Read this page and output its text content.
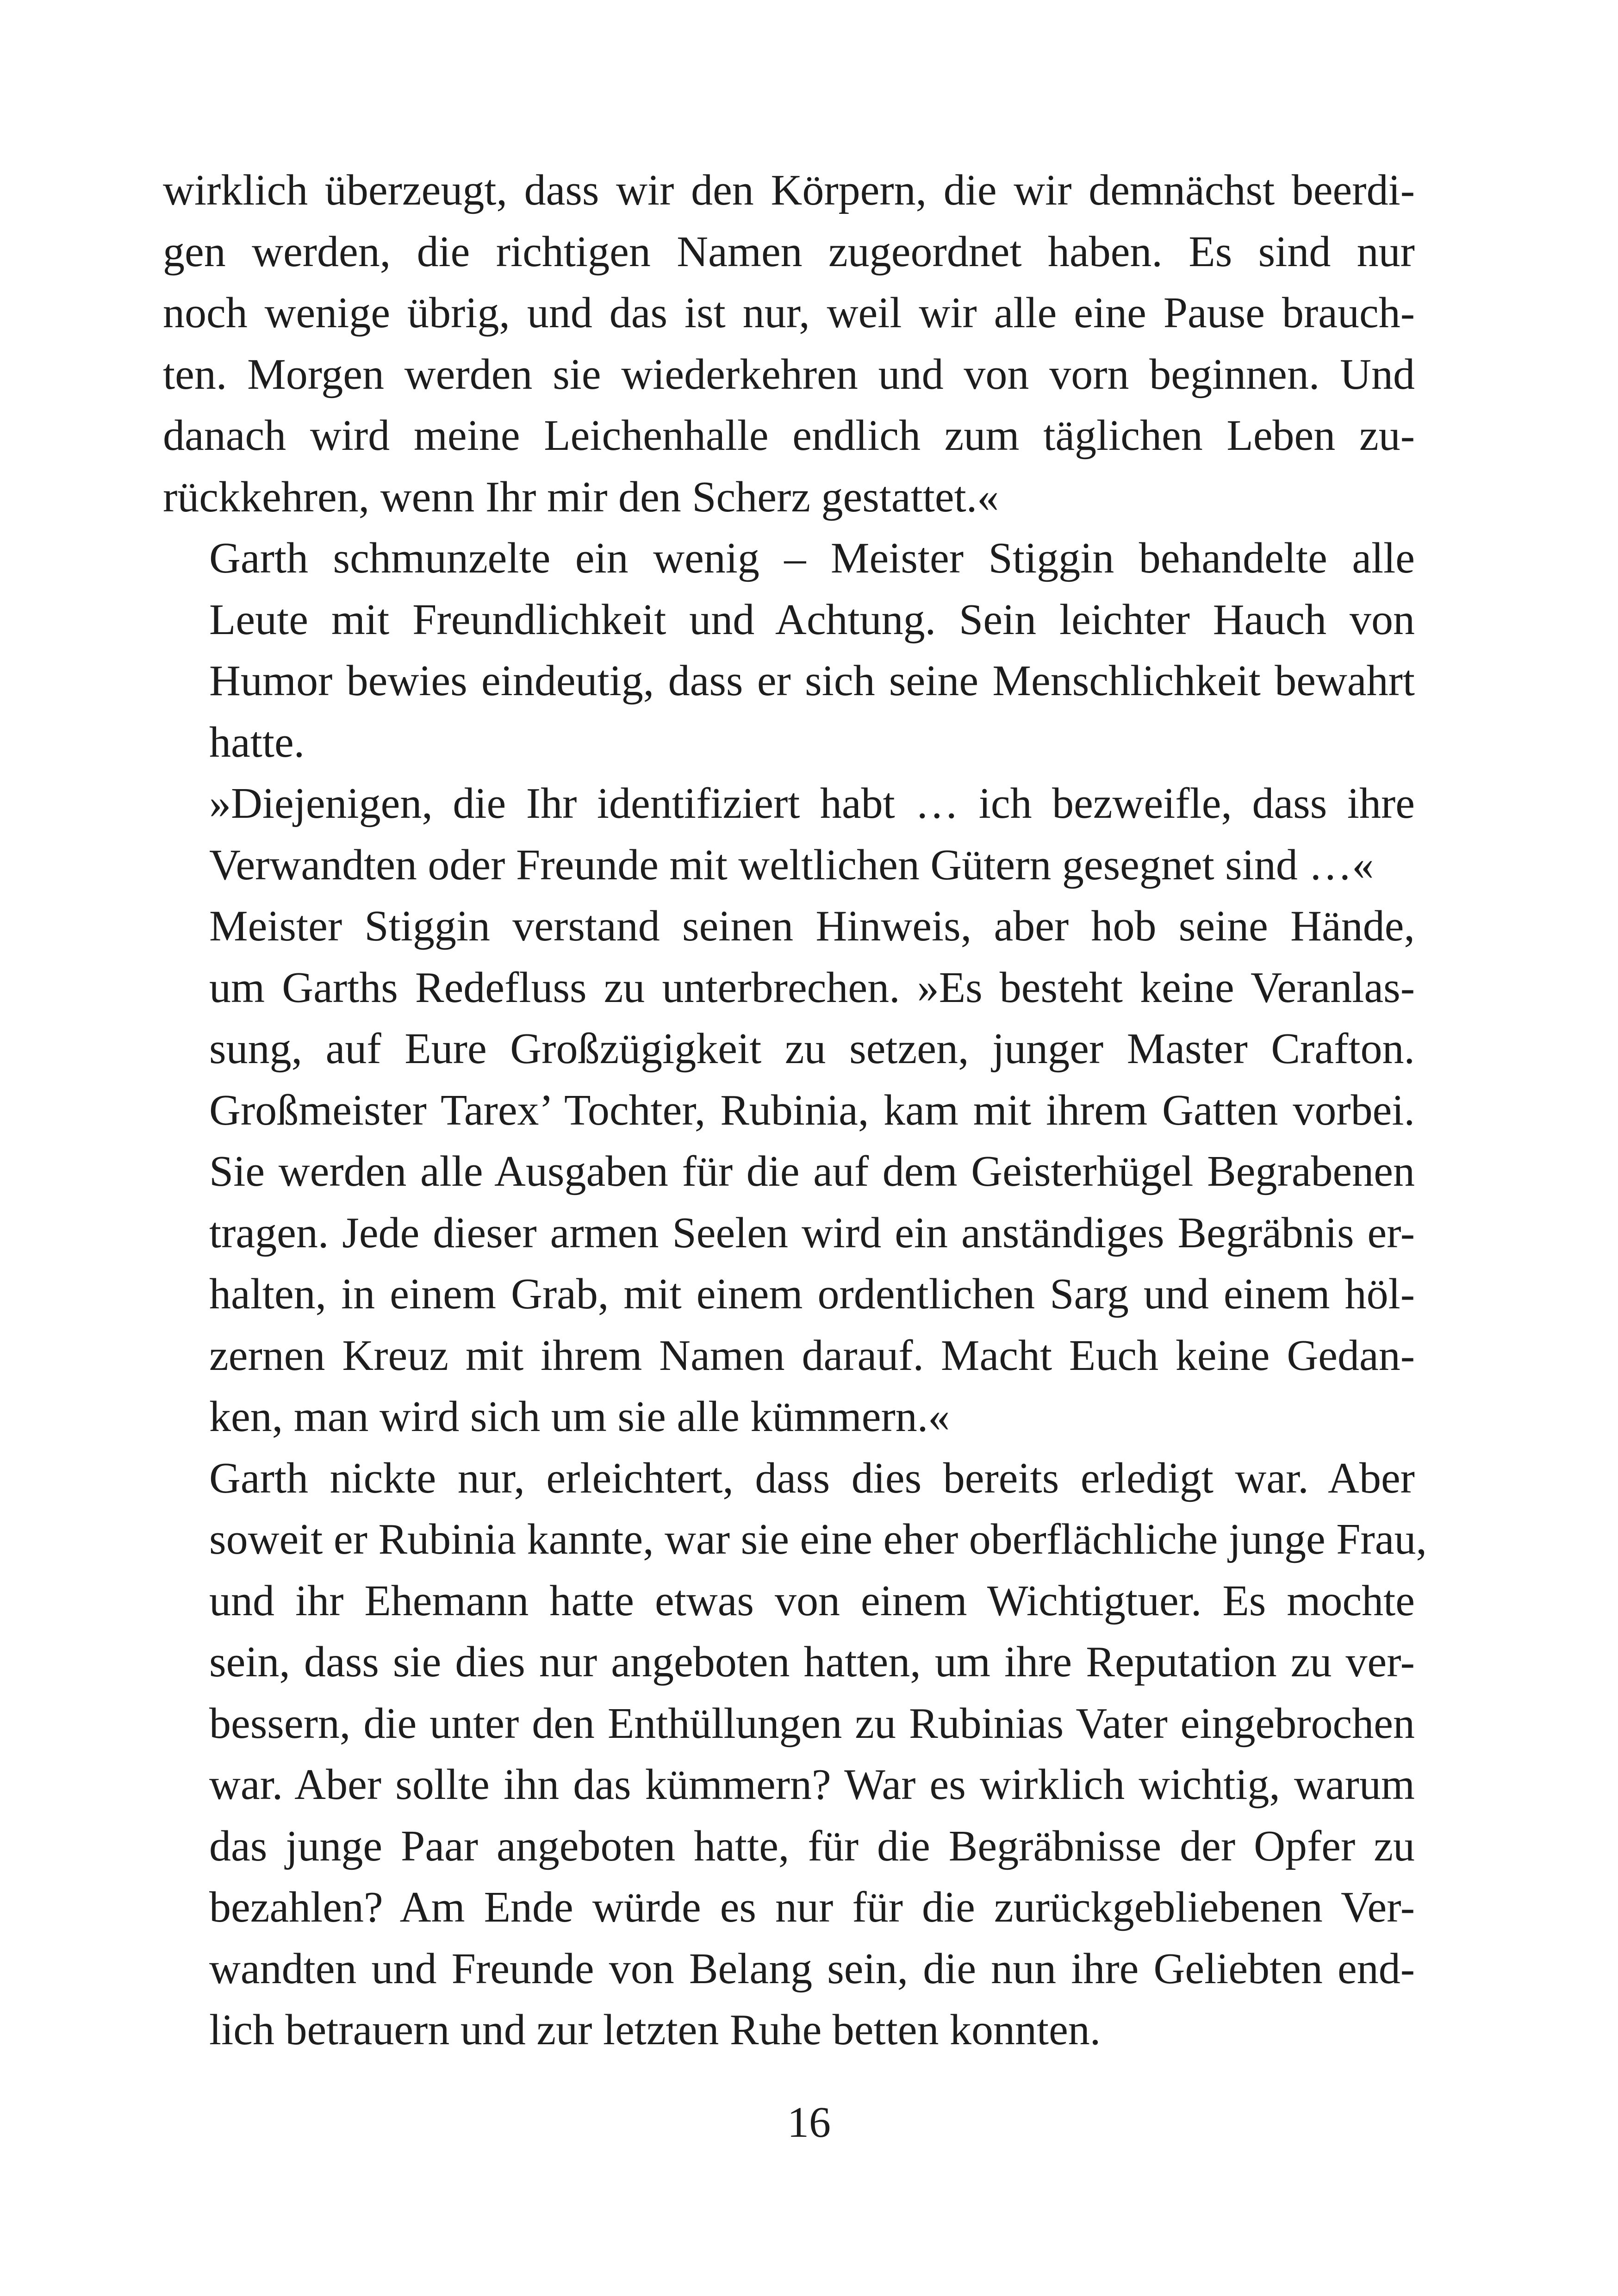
wirklich überzeugt, dass wir den Körpern, die wir demnächst beerdi-
gen werden, die richtigen Namen zugeordnet haben. Es sind nur
noch wenige übrig, und das ist nur, weil wir alle eine Pause brauch-
ten. Morgen werden sie wiederkehren und von vorn beginnen. Und
danach wird meine Leichenhalle endlich zum täglichen Leben zu-
rückkehren, wenn Ihr mir den Scherz gestattet.«

Garth schmunzelte ein wenig – Meister Stiggin behandelte alle
Leute mit Freundlichkeit und Achtung. Sein leichter Hauch von
Humor bewies eindeutig, dass er sich seine Menschlichkeit bewahrt
hatte.

»Diejenigen, die Ihr identifiziert habt … ich bezweifle, dass ihre
Verwandten oder Freunde mit weltlichen Gütern gesegnet sind …«

Meister Stiggin verstand seinen Hinweis, aber hob seine Hände,
um Garths Redefluss zu unterbrechen. »Es besteht keine Veranlas-
sung, auf Eure Großzügigkeit zu setzen, junger Master Crafton.
Großmeister Tarex’ Tochter, Rubinia, kam mit ihrem Gatten vorbei.
Sie werden alle Ausgaben für die auf dem Geisterhügel Begrabenen
tragen. Jede dieser armen Seelen wird ein anständiges Begräbnis er-
halten, in einem Grab, mit einem ordentlichen Sarg und einem höl-
zernen Kreuz mit ihrem Namen darauf. Macht Euch keine Gedan-
ken, man wird sich um sie alle kümmern.«

Garth nickte nur, erleichtert, dass dies bereits erledigt war. Aber
soweit er Rubinia kannte, war sie eine eher oberflächliche junge Frau,
und ihr Ehemann hatte etwas von einem Wichtigtuer. Es mochte
sein, dass sie dies nur angeboten hatten, um ihre Reputation zu ver-
bessern, die unter den Enthüllungen zu Rubinias Vater eingebrochen
war. Aber sollte ihn das kümmern? War es wirklich wichtig, warum
das junge Paar angeboten hatte, für die Begräbnisse der Opfer zu
bezahlen? Am Ende würde es nur für die zurückgebliebenen Ver-
wandten und Freunde von Belang sein, die nun ihre Geliebten end-
lich betrauern und zur letzten Ruhe betten konnten.

16
